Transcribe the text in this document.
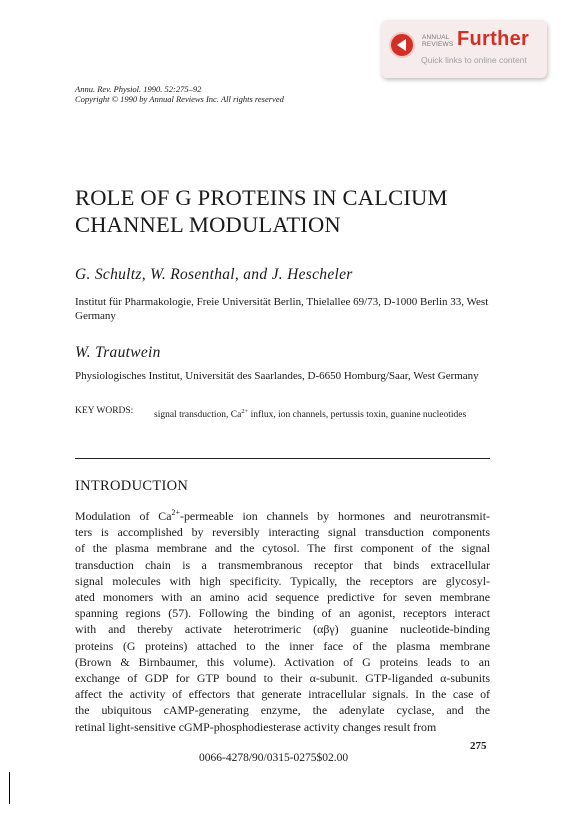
ANNUAL
REVIEWS Further
Quick links to online content
Annu. Rev. Physiol. 1990. 52:275–92
Copyright © 1990 by Annual Reviews Inc. All rights reserved
ROLE OF G PROTEINS IN CALCIUM
CHANNEL MODULATION
G. Schultz, W. Rosenthal, and J. Hescheler
Institut für Pharmakologie, Freie Universität Berlin, Thielallee 69/73, D-1000 Berlin 33, West Germany
W. Trautwein
Physiologisches Institut, Universität des Saarlandes, D-6650 Homburg/Saar, West Germany
KEY WORDS: signal transduction, $Ca^{2+}$ influx, ion channels, pertussis toxin, guanine nucleotides
INTRODUCTION
Modulation of $Ca^{2+}$-permeable ion channels by hormones and neurotransmit-
ters is accomplished by reversibly interacting signal transduction components
of the plasma membrane and the cytosol. The first component of the signal
transduction chain is a transmembranous receptor that binds extracellular
signal molecules with high specificity. Typically, the receptors are glycosyl-
ated monomers with an amino acid sequence predictive for seven membrane
spanning regions (57). Following the binding of an agonist, receptors interact
with and thereby activate heterotrimeric (αβγ) guanine nucleotide-binding
proteins (G proteins) attached to the inner face of the plasma membrane
(Brown & Birnbaumer, this volume). Activation of G proteins leads to an
exchange of GDP for GTP bound to their α-subunit. GTP-liganded α-subunits
affect the activity of effectors that generate intracellular signals. In the case of
the ubiquitous cAMP-generating enzyme, the adenylate cyclase, and the
retinal light-sensitive cGMP-phosphodiesterase activity changes result from
275
0066-4278/90/0315-0275$02.00
